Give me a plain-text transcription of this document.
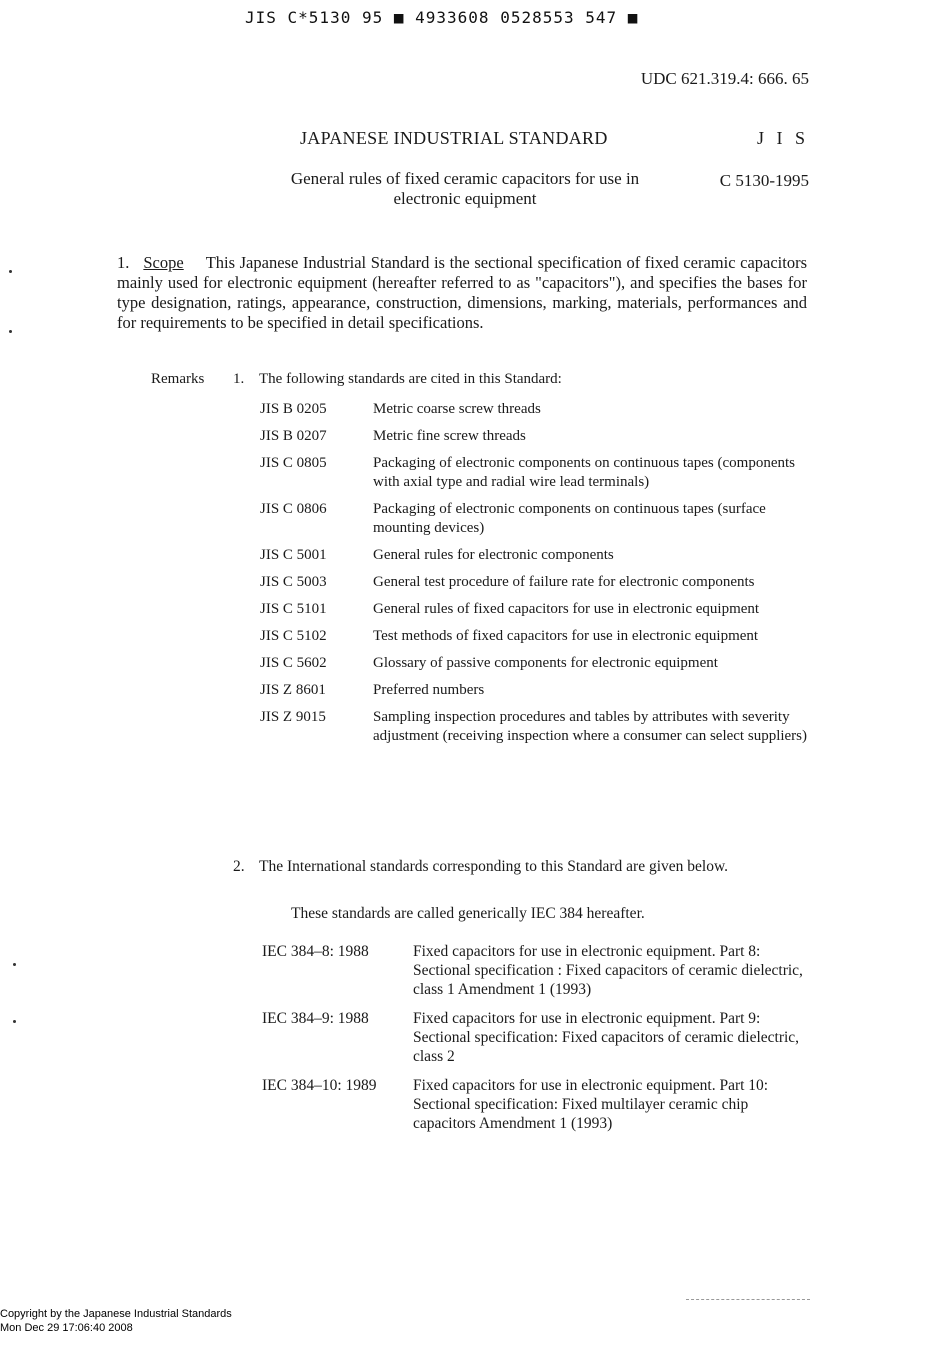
JIS C*5130 95 ■ 4933608 0528553 547 ■
UDC 621.319.4: 666. 65
JAPANESE INDUSTRIAL STANDARD	J I S
General rules of fixed ceramic capacitors for use in electronic equipment
C 5130-1995
1. Scope This Japanese Industrial Standard is the sectional specification of fixed ceramic capacitors mainly used for electronic equipment (hereafter referred to as "capacitors"), and specifies the bases for type designation, ratings, appearance, construction, dimensions, marking, materials, performances and for requirements to be specified in detail specifications.
Remarks 1. The following standards are cited in this Standard:
JIS B 0205	Metric coarse screw threads
JIS B 0207	Metric fine screw threads
JIS C 0805	Packaging of electronic components on continuous tapes (components with axial type and radial wire lead terminals)
JIS C 0806	Packaging of electronic components on continuous tapes (surface mounting devices)
JIS C 5001	General rules for electronic components
JIS C 5003	General test procedure of failure rate for electronic components
JIS C 5101	General rules of fixed capacitors for use in electronic equipment
JIS C 5102	Test methods of fixed capacitors for use in electronic equipment
JIS C 5602	Glossary of passive components for electronic equipment
JIS Z 8601	Preferred numbers
JIS Z 9015	Sampling inspection procedures and tables by attributes with severity adjustment (receiving inspection where a consumer can select suppliers)
2. The International standards corresponding to this Standard are given below.
These standards are called generically IEC 384 hereafter.
IEC 384–8: 1988	Fixed capacitors for use in electronic equipment. Part 8: Sectional specification : Fixed capacitors of ceramic dielectric, class 1 Amendment 1 (1993)
IEC 384–9: 1988	Fixed capacitors for use in electronic equipment. Part 9: Sectional specification: Fixed capacitors of ceramic dielectric, class 2
IEC 384–10: 1989	Fixed capacitors for use in electronic equipment. Part 10: Sectional specification: Fixed multilayer ceramic chip capacitors Amendment 1 (1993)
Copyright by the Japanese Industrial Standards
Mon Dec 29 17:06:40 2008
